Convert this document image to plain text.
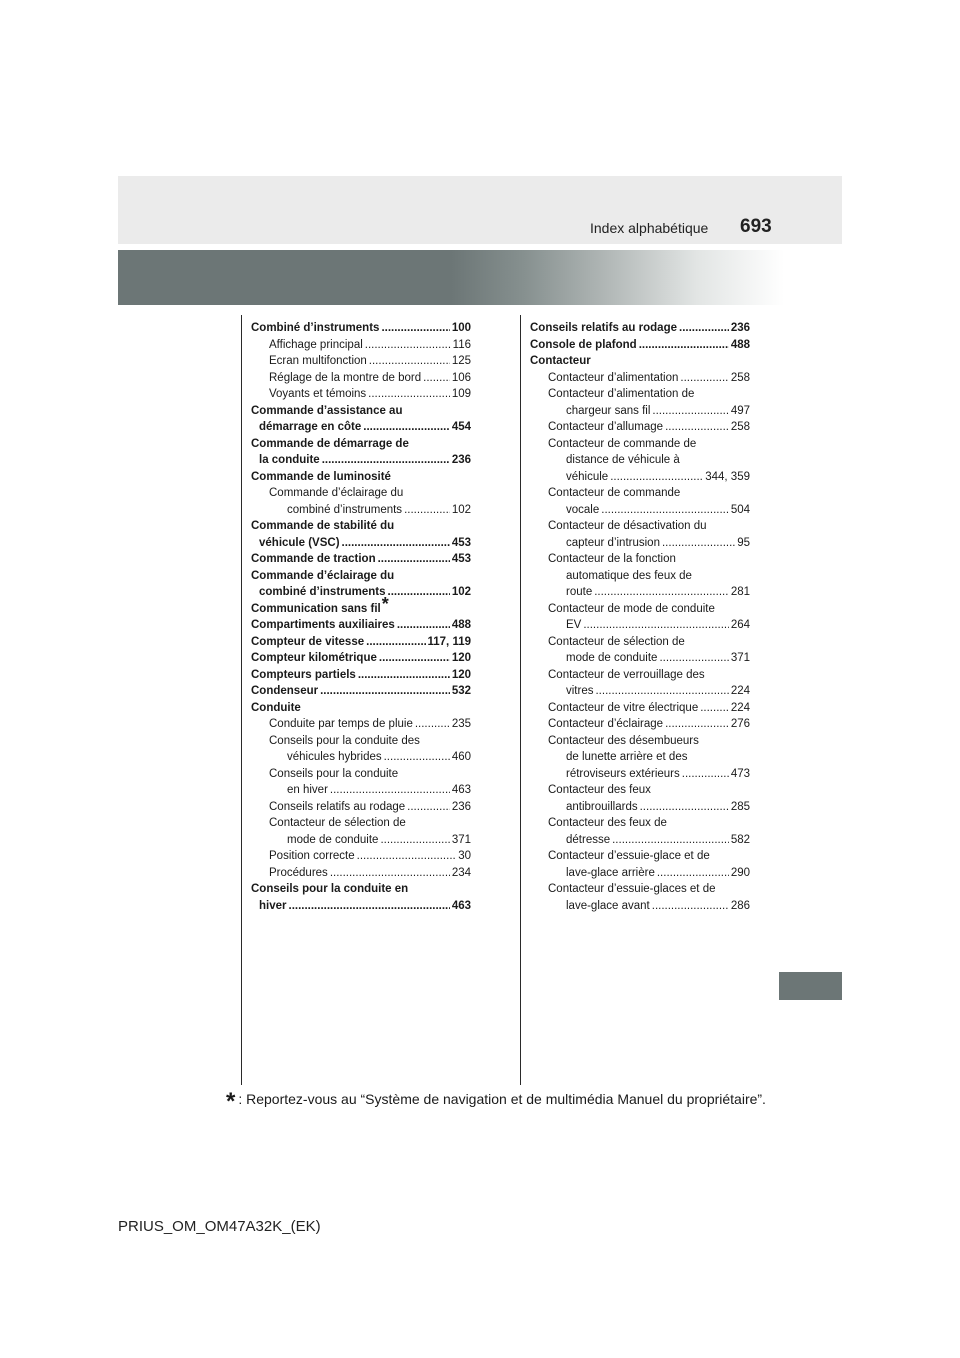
Index alphabétique 693
Combiné d’instruments .....	100
Affichage principal .....	116
Ecran multifonction .....	125
Réglage de la montre de bord .....	106
Voyants et témoins .....	109
Commande d’assistance au
démarrage en côte .....	454
Commande de démarrage de
la conduite .....	236
Commande de luminosité
Commande d’éclairage du
combiné d’instruments .....	102
Commande de stabilité du
véhicule (VSC) .....	453
Commande de traction .....	453
Commande d’éclairage du
combiné d’instruments .....	102
Communication sans fil *
Compartiments auxiliaires .....	488
Compteur de vitesse .....	117, 119
Compteur kilométrique .....	120
Compteurs partiels .....	120
Condenseur .....	532
Conduite
Conduite par temps de pluie .....	235
Conseils pour la conduite des
véhicules hybrides .....	460
Conseils pour la conduite
en hiver .....	463
Conseils relatifs au rodage .....	236
Contacteur de sélection de
mode de conduite .....	371
Position correcte .....	30
Procédures .....	234
Conseils pour la conduite en
hiver .....	463
Conseils relatifs au rodage .....	236
Console de plafond .....	488
Contacteur
Contacteur d’alimentation .....	258
Contacteur d’alimentation de
chargeur sans fil .....	497
Contacteur d’allumage .....	258
Contacteur de commande de
distance de véhicule à
véhicule .....	344, 359
Contacteur de commande
vocale .....	504
Contacteur de désactivation du
capteur d’intrusion .....	95
Contacteur de la fonction
automatique des feux de
route .....	281
Contacteur de mode de conduite
EV .....	264
Contacteur de sélection de
mode de conduite .....	371
Contacteur de verrouillage des
vitres .....	224
Contacteur de vitre électrique .....	224
Contacteur d’éclairage .....	276
Contacteur des désembueurs
de lunette arrière et des
rétroviseurs extérieurs .....	473
Contacteur des feux
antibrouillards .....	285
Contacteur des feux de
détresse .....	582
Contacteur d’essuie-glace et de
lave-glace arrière .....	290
Contacteur d’essuie-glaces et de
lave-glace avant .....	286
* : Reportez-vous au “Système de navigation et de multimédia Manuel du propriétaire”.
PRIUS_OM_OM47A32K_(EK)
